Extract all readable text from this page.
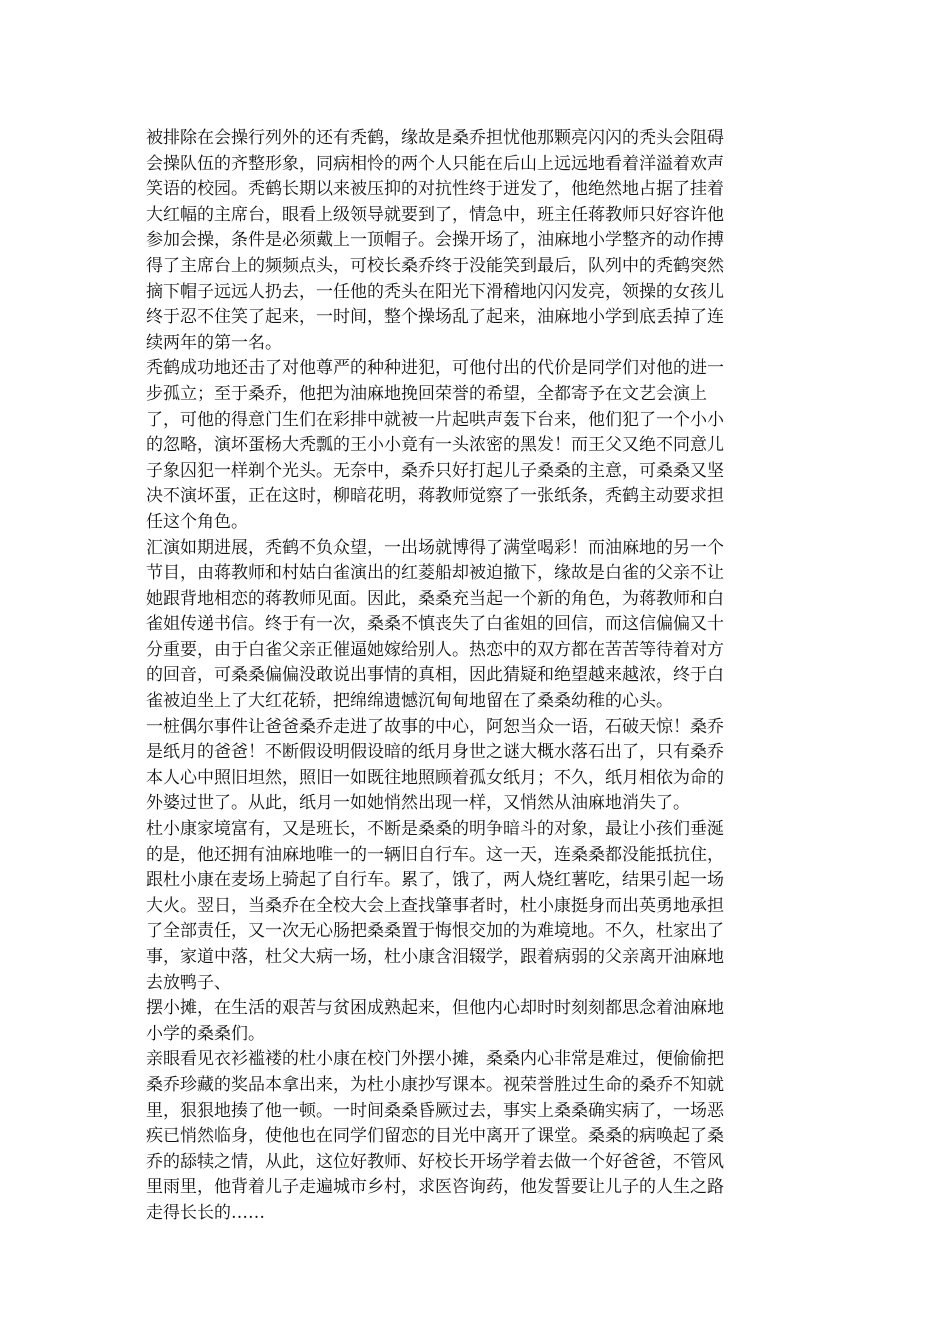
被排除在会操行列外的还有秃鹤，缘故是桑乔担忧他那颗亮闪闪的秃头会阻碍
会操队伍的齐整形象，同病相怜的两个人只能在后山上远远地看着洋溢着欢声
笑语的校园。秃鹤长期以来被压抑的对抗性终于迸发了，他绝然地占据了挂着
大红幅的主席台，眼看上级领导就要到了，情急中，班主任蒋教师只好容许他
参加会操，条件是必须戴上一顶帽子。会操开场了，油麻地小学整齐的动作搏
得了主席台上的频频点头，可校长桑乔终于没能笑到最后，队列中的秃鹤突然
摘下帽子远远人扔去，一任他的秃头在阳光下滑稽地闪闪发亮，领操的女孩儿
终于忍不住笑了起来，一时间，整个操场乱了起来，油麻地小学到底丢掉了连
续两年的第一名。
秃鹤成功地还击了对他尊严的种种进犯，可他付出的代价是同学们对他的进一
步孤立；至于桑乔，他把为油麻地挽回荣誉的希望，全都寄予在文艺会演上
了，可他的得意门生们在彩排中就被一片起哄声轰下台来，他们犯了一个小小
的忽略，演坏蛋杨大秃瓢的王小小竟有一头浓密的黑发！而王父又绝不同意儿
子象囚犯一样剃个光头。无奈中，桑乔只好打起儿子桑桑的主意，可桑桑又坚
决不演坏蛋，正在这时，柳暗花明，蒋教师觉察了一张纸条，秃鹤主动要求担
任这个角色。
汇演如期进展，秃鹤不负众望，一出场就博得了满堂喝彩！而油麻地的另一个
节目，由蒋教师和村姑白雀演出的红菱船却被迫撤下，缘故是白雀的父亲不让
她跟背地相恋的蒋教师见面。因此，桑桑充当起一个新的角色，为蒋教师和白
雀姐传递书信。终于有一次，桑桑不慎丧失了白雀姐的回信，而这信偏偏又十
分重要，由于白雀父亲正催逼她嫁给别人。热恋中的双方都在苦苦等待着对方
的回音，可桑桑偏偏没敢说出事情的真相，因此猜疑和绝望越来越浓，终于白
雀被迫坐上了大红花轿，把绵绵遗憾沉甸甸地留在了桑桑幼稚的心头。
一桩偶尔事件让爸爸桑乔走进了故事的中心，阿恕当众一语，石破天惊！桑乔
是纸月的爸爸！不断假设明假设暗的纸月身世之谜大概水落石出了，只有桑乔
本人心中照旧坦然，照旧一如既往地照顾着孤女纸月；不久，纸月相依为命的
外婆过世了。从此，纸月一如她悄然出现一样，又悄然从油麻地消失了。
杜小康家境富有，又是班长，不断是桑桑的明争暗斗的对象，最让小孩们垂涎
的是，他还拥有油麻地唯一的一辆旧自行车。这一天，连桑桑都没能抵抗住，
跟杜小康在麦场上骑起了自行车。累了，饿了，两人烧红薯吃，结果引起一场
大火。翌日，当桑乔在全校大会上查找肇事者时，杜小康挺身而出英勇地承担
了全部责任，又一次无心肠把桑桑置于悔恨交加的为难境地。不久，杜家出了
事，家道中落，杜父大病一场，杜小康含泪辍学，跟着病弱的父亲离开油麻地
去放鸭子、
摆小摊，在生活的艰苦与贫困成熟起来，但他内心却时时刻刻都思念着油麻地
小学的桑桑们。
亲眼看见衣衫褴褛的杜小康在校门外摆小摊，桑桑内心非常是难过，便偷偷把
桑乔珍藏的奖品本拿出来，为杜小康抄写课本。视荣誉胜过生命的桑乔不知就
里，狠狠地揍了他一顿。一时间桑桑昏厥过去，事实上桑桑确实病了，一场恶
疾已悄然临身，使他也在同学们留恋的目光中离开了课堂。桑桑的病唤起了桑
乔的舔犊之情，从此，这位好教师、好校长开场学着去做一个好爸爸，不管风
里雨里，他背着儿子走遍城市乡村，求医咨询药，他发誓要让儿子的人生之路
走得长长的……
